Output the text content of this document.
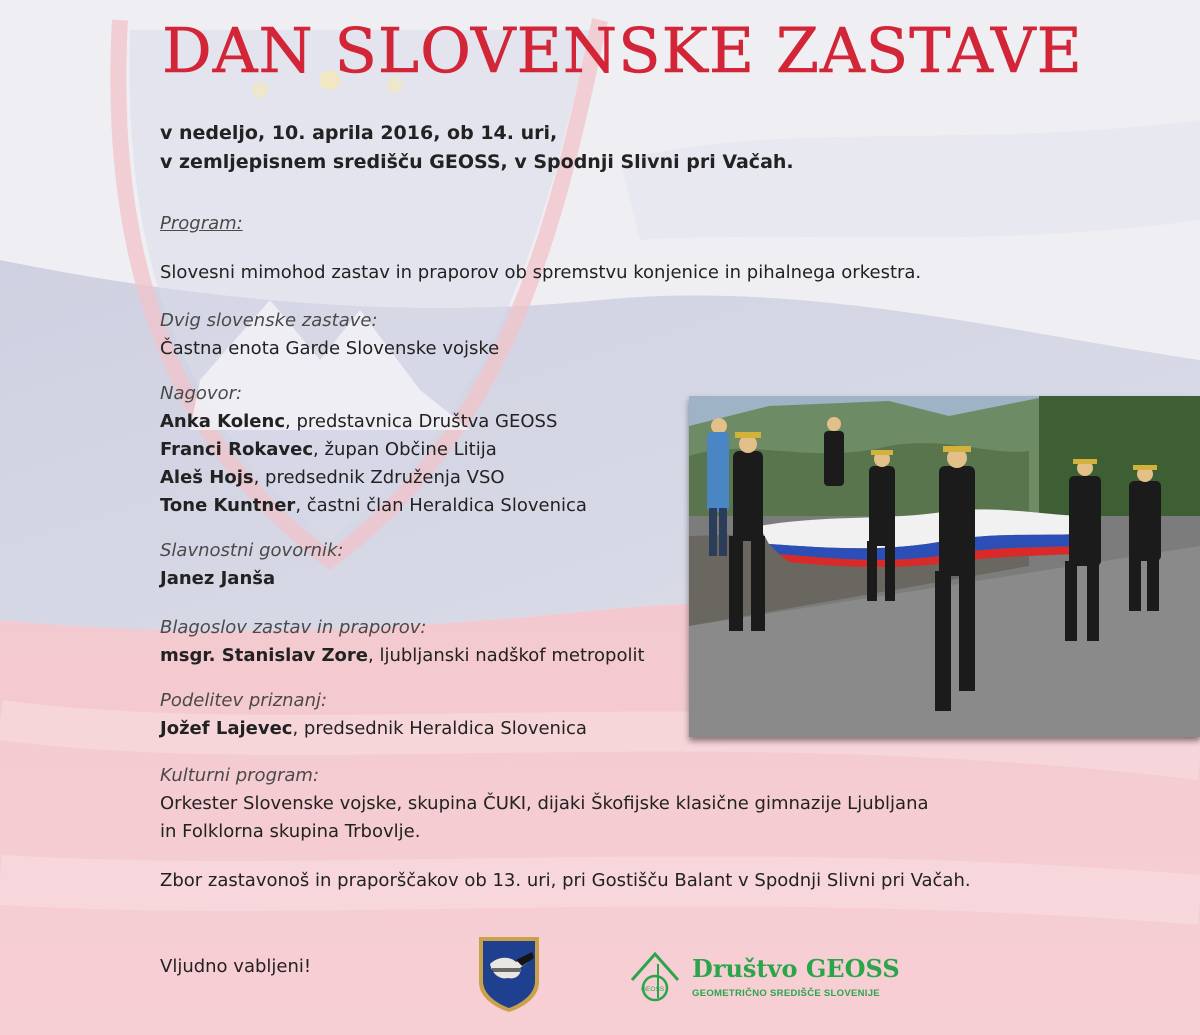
DAN SLOVENSKE ZASTAVE
v nedeljo, 10. aprila 2016, ob 14. uri,
v zemljepisnem središču GEOSS, v Spodnji Slivni pri Vačah.
Program:
Slovesni mimohod zastav in praporov ob spremstvu konjenice in pihalnega orkestra.
Dvig slovenske zastave:
Častna enota Garde Slovenske vojske
Nagovor:
Anka Kolenc, predstavnica Društva GEOSS
Franci Rokavec, župan Občine Litija
Aleš Hojs, predsednik Združenja VSO
Tone Kuntner, častni član Heraldica Slovenica
Slavnostni govornik:
Janez Janša
Blagoslov zastav in praporov:
msgr. Stanislav Zore, ljubljanski nadškof metropolit
Podelitev priznanj:
Jožef Lajevec, predsednik Heraldica Slovenica
Kulturni program:
Orkester Slovenske vojske, skupina ČUKI, dijaki Škofijske klasične gimnazije Ljubljana
in Folklorna skupina Trbovlje.
Zbor zastavonoš in praporščakov ob 13. uri, pri Gostišču Balant v Spodnji Slivni pri Vačah.
Vljudno vabljeni!
GEOSS
Društvo GEOSS
GEOMETRIČNO SREDIŠČE SLOVENIJE
